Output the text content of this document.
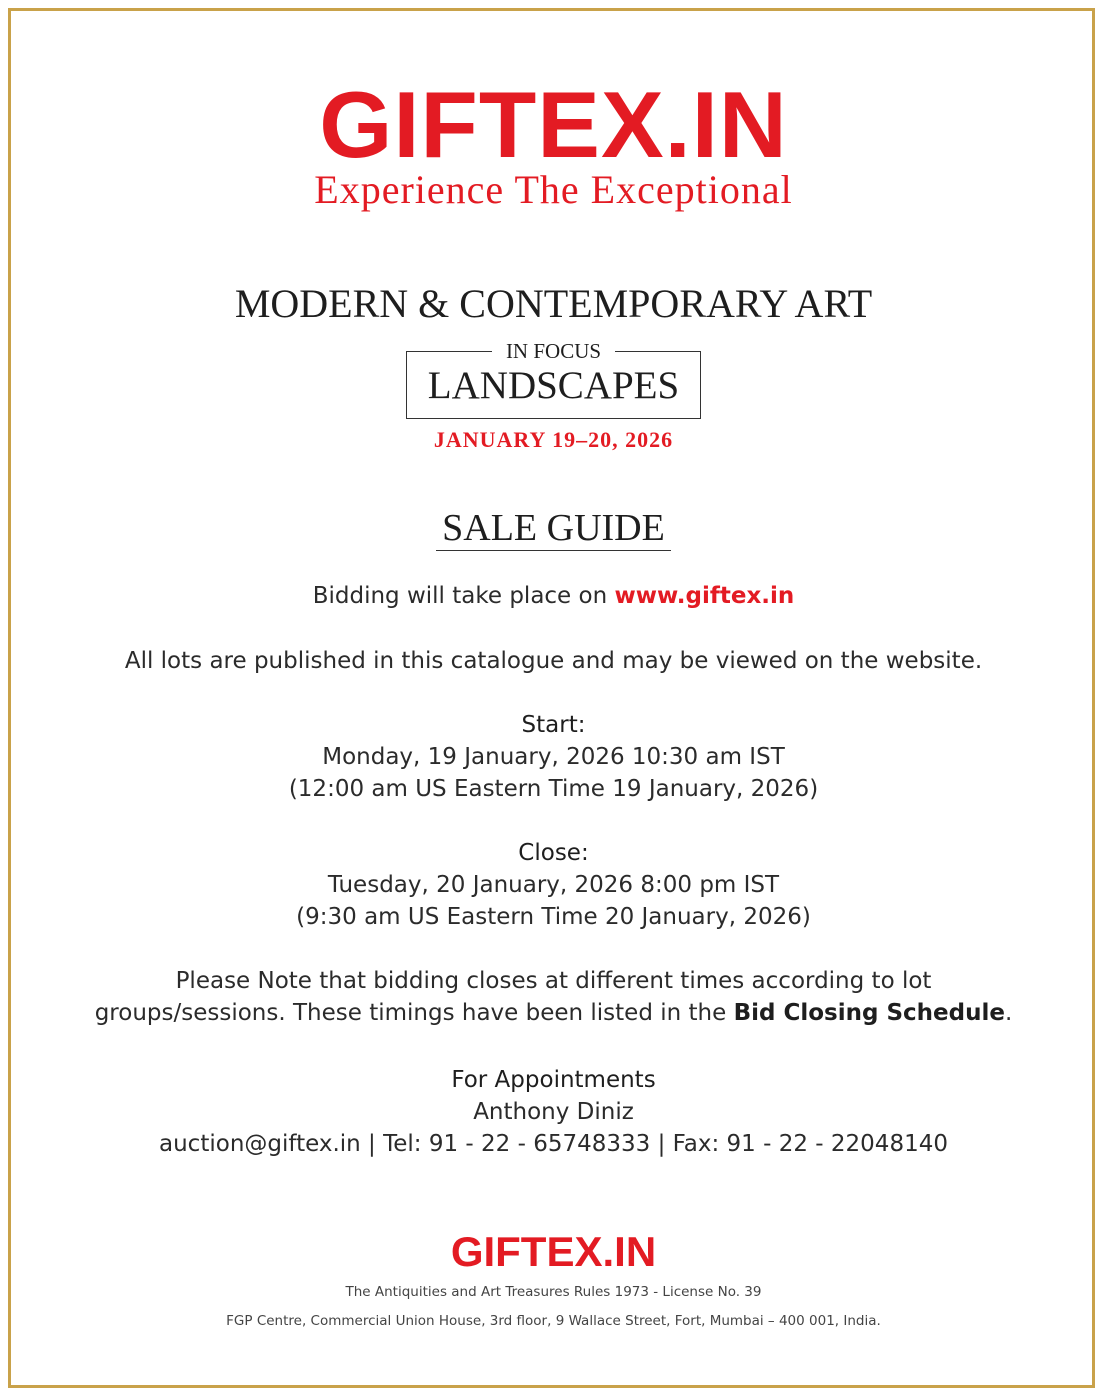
GIFTEX.IN
Experience The Exceptional
MODERN & CONTEMPORARY ART
IN FOCUS
LANDSCAPES
JANUARY 19–20, 2026
SALE GUIDE
Bidding will take place on www.giftex.in
All lots are published in this catalogue and may be viewed on the website.
Start:
Monday, 19 January, 2026 10:30 am IST
(12:00 am US Eastern Time 19 January, 2026)
Close:
Tuesday, 20 January, 2026 8:00 pm IST
(9:30 am US Eastern Time 20 January, 2026)
Please Note that bidding closes at different times according to lot
groups/sessions. These timings have been listed in the Bid Closing Schedule.
For Appointments
Anthony Diniz
auction@giftex.in | Tel: 91 - 22 - 65748333 | Fax: 91 - 22 - 22048140
GIFTEX.IN
The Antiquities and Art Treasures Rules 1973 - License No. 39
FGP Centre, Commercial Union House, 3rd floor, 9 Wallace Street, Fort, Mumbai – 400 001, India.
